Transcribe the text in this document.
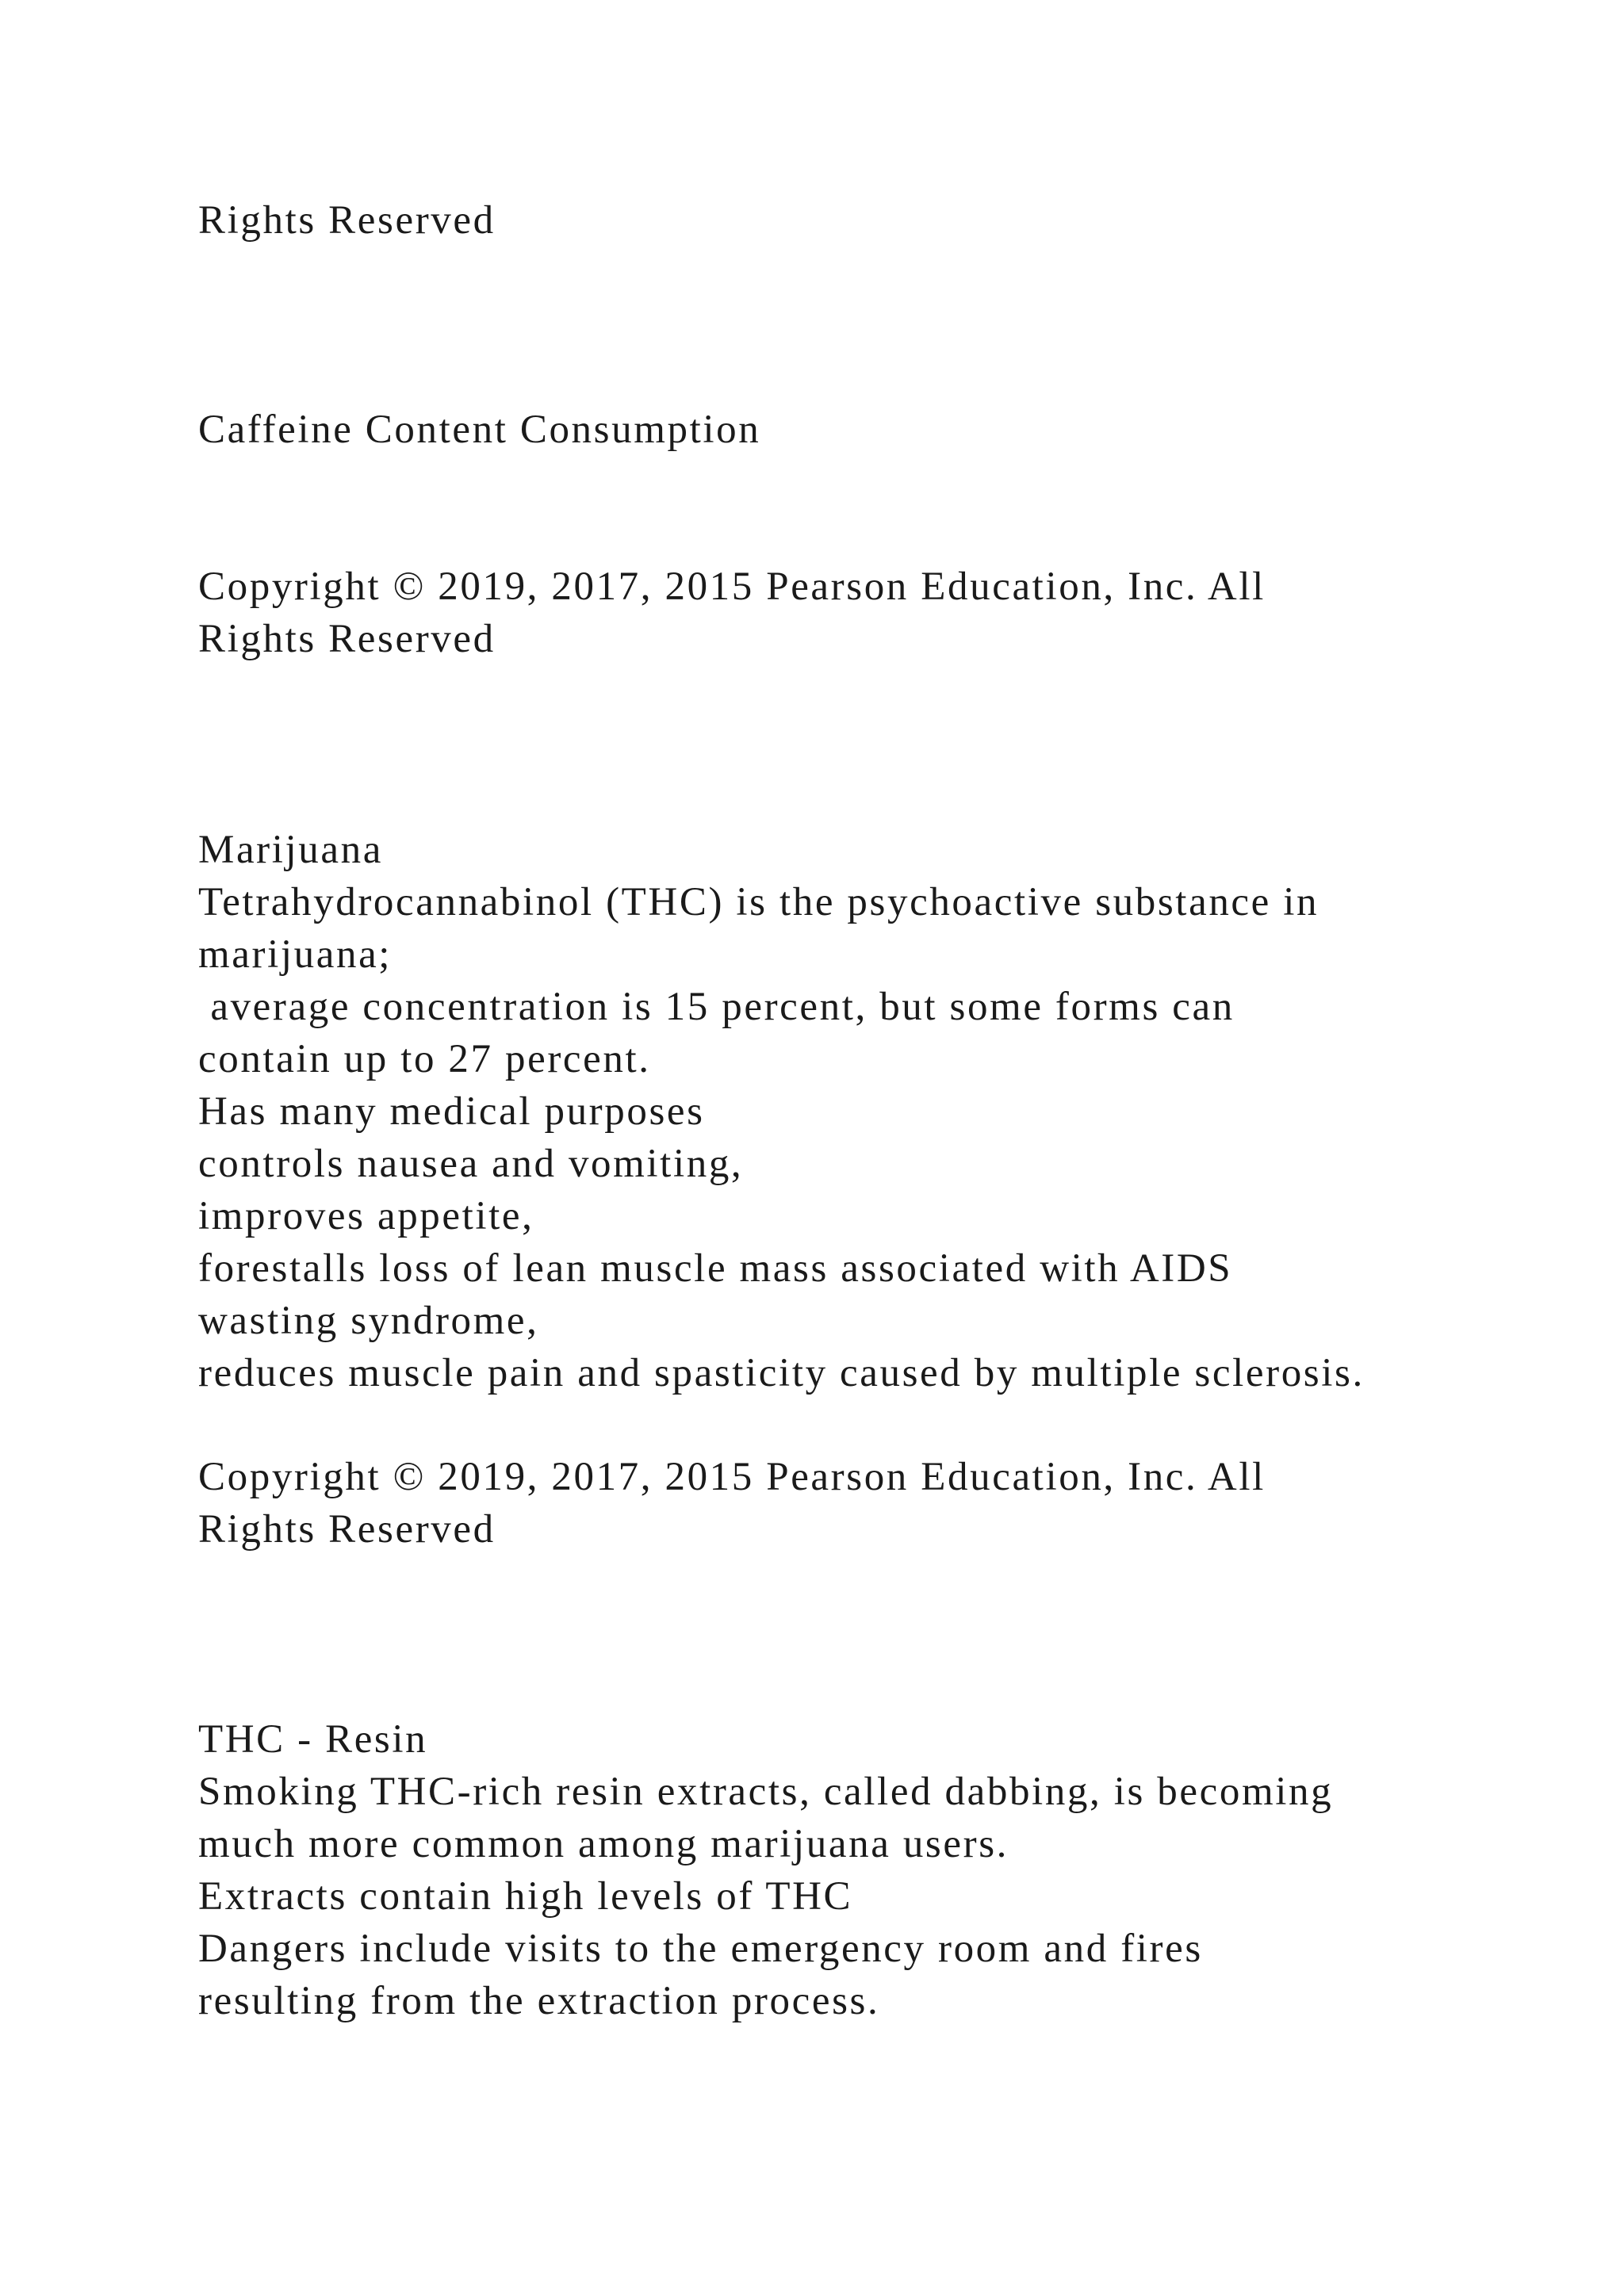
Rights Reserved
Caffeine Content Consumption
Copyright © 2019, 2017, 2015 Pearson Education, Inc. All
Rights Reserved
Marijuana
Tetrahydrocannabinol (THC) is the psychoactive substance in
marijuana;
average concentration is 15 percent, but some forms can
contain up to 27 percent.
Has many medical purposes
controls nausea and vomiting,
improves appetite,
forestalls loss of lean muscle mass associated with AIDS
wasting syndrome,
reduces muscle pain and spasticity caused by multiple sclerosis.
Copyright © 2019, 2017, 2015 Pearson Education, Inc. All
Rights Reserved
THC - Resin
Smoking THC-rich resin extracts, called dabbing, is becoming
much more common among marijuana users.
Extracts contain high levels of THC
Dangers include visits to the emergency room and fires
resulting from the extraction process.
